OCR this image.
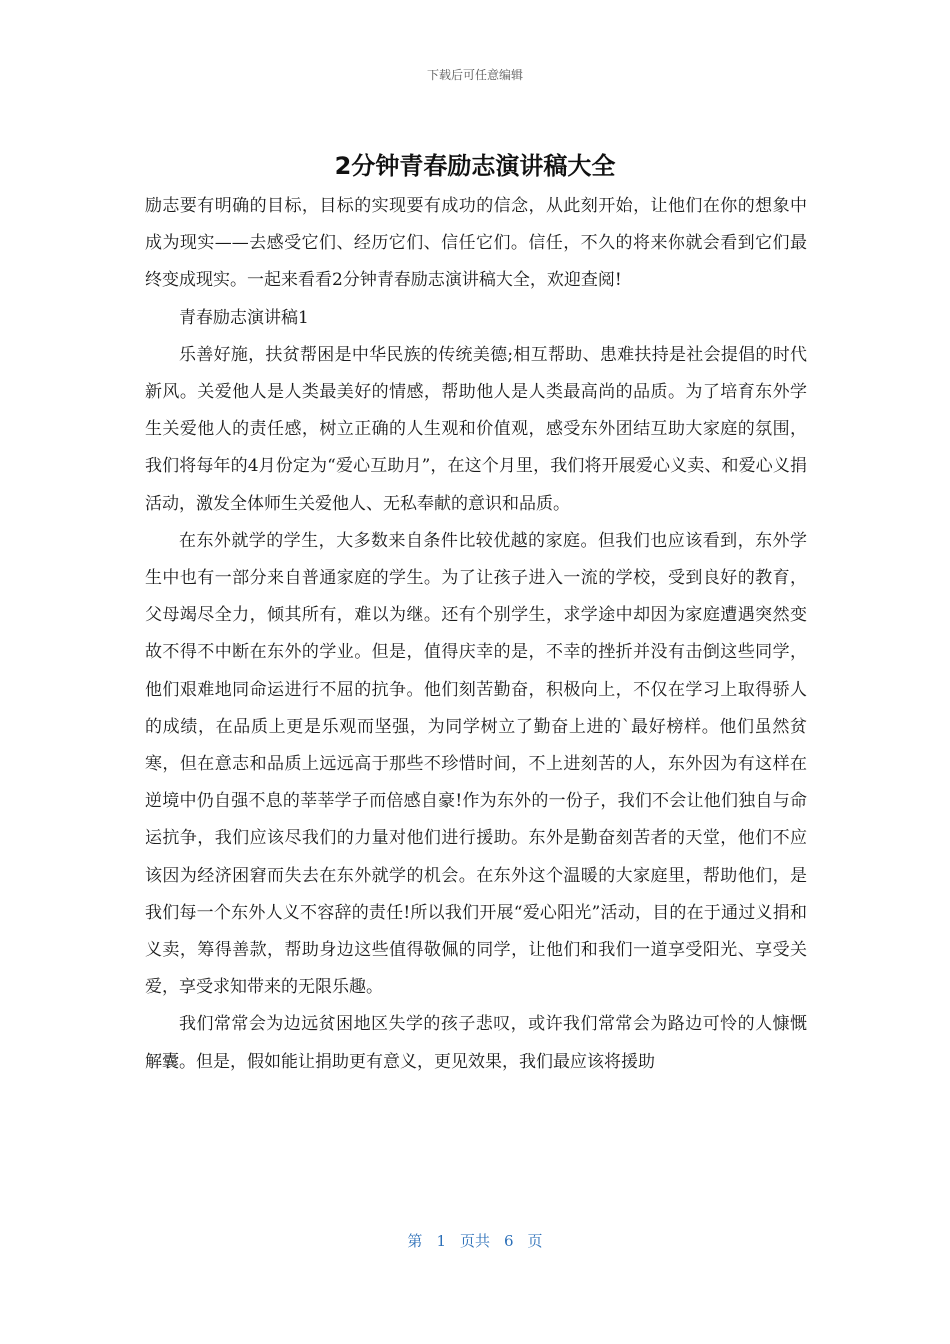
下载后可任意编辑
2分钟青春励志演讲稿大全

励志要有明确的目标，目标的实现要有成功的信念，从此刻开始，让他们在你的想象中成为现实——去感受它们、经历它们、信任它们。信任，不久的将来你就会看到它们最终变成现实。一起来看看2分钟青春励志演讲稿大全，欢迎查阅!

青春励志演讲稿1

乐善好施，扶贫帮困是中华民族的传统美德;相互帮助、患难扶持是社会提倡的时代新风。关爱他人是人类最美好的情感，帮助他人是人类最高尚的品质。为了培育东外学生关爱他人的责任感，树立正确的人生观和价值观，感受东外团结互助大家庭的氛围，我们将每年的4月份定为“爱心互助月”，在这个月里，我们将开展爱心义卖、和爱心义捐活动，激发全体师生关爱他人、无私奉献的意识和品质。

在东外就学的学生，大多数来自条件比较优越的家庭。但我们也应该看到，东外学生中也有一部分来自普通家庭的学生。为了让孩子进入一流的学校，受到良好的教育，父母竭尽全力，倾其所有，难以为继。还有个别学生，求学途中却因为家庭遭遇突然变故不得不中断在东外的学业。但是，值得庆幸的是，不幸的挫折并没有击倒这些同学，他们艰难地同命运进行不屈的抗争。他们刻苦勤奋，积极向上，不仅在学习上取得骄人的成绩，在品质上更是乐观而坚强，为同学树立了勤奋上进的`最好榜样。他们虽然贫寒，但在意志和品质上远远高于那些不珍惜时间，不上进刻苦的人，东外因为有这样在逆境中仍自强不息的莘莘学子而倍感自豪!作为东外的一份子，我们不会让他们独自与命运抗争，我们应该尽我们的力量对他们进行援助。东外是勤奋刻苦者的天堂，他们不应该因为经济困窘而失去在东外就学的机会。在东外这个温暖的大家庭里，帮助他们，是我们每一个东外人义不容辞的责任!所以我们开展“爱心阳光”活动，目的在于通过义捐和义卖，筹得善款，帮助身边这些值得敬佩的同学，让他们和我们一道享受阳光、享受关爱，享受求知带来的无限乐趣。

我们常常会为边远贫困地区失学的孩子悲叹，或许我们常常会为路边可怜的人慷慨解囊。但是，假如能让捐助更有意义，更见效果，我们最应该将援助

第 1 页共 6 页
